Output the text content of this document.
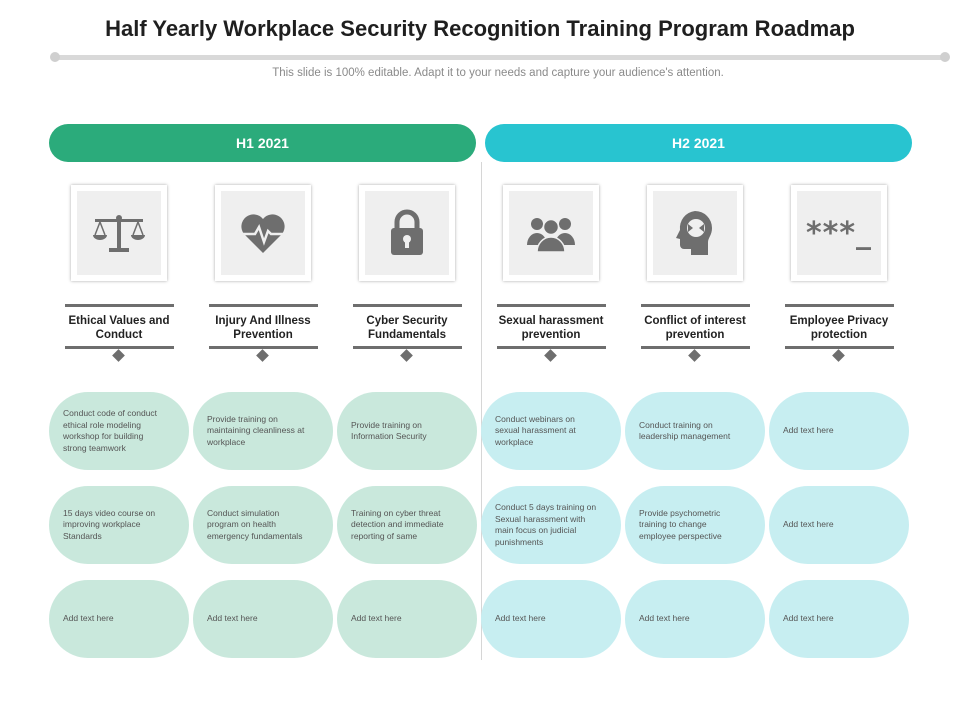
Half Yearly Workplace Security Recognition Training Program Roadmap
This slide is 100% editable. Adapt it to your needs and capture your audience's attention.
H1 2021	H2 2021
Ethical Values and Conduct
Injury And Illness Prevention
Cyber Security Fundamentals
Sexual harassment prevention
Conflict of interest prevention
***_
Employee Privacy protection
Conduct code of conduct ethical role modeling workshop for building strong teamwork
Provide training on maintaining cleanliness at workplace
Provide training on Information Security
Conduct webinars on sexual harassment at workplace
Conduct training on leadership management
Add text here
15 days video course on improving workplace Standards
Conduct simulation program on health emergency fundamentals
Training on cyber threat detection and immediate reporting of same
Conduct 5 days training on Sexual harassment with main focus on judicial punishments
Provide psychometric training to change employee perspective
Add text here
Add text here	Add text here	Add text here	Add text here	Add text here	Add text here
